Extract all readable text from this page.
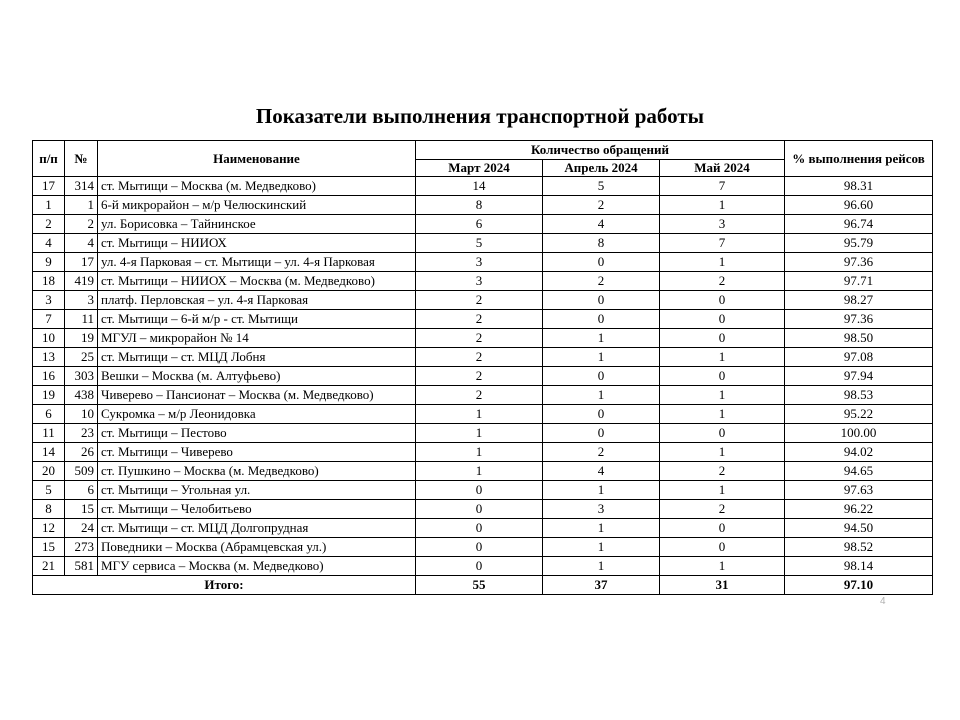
Показатели выполнения транспортной работы
п/п	№	Наименование	Количество обращений			% выполнения рейсов
			Март 2024	Апрель 2024	Май 2024	
17	314	ст. Мытищи – Москва (м. Медведково)	14	5	7	98.31
1	1	6-й микрорайон – м/р Челюскинский	8	2	1	96.60
2	2	ул. Борисовка – Тайнинское	6	4	3	96.74
4	4	ст. Мытищи – НИИОХ	5	8	7	95.79
9	17	ул. 4-я Парковая – ст. Мытищи – ул. 4-я Парковая	3	0	1	97.36
18	419	ст. Мытищи – НИИОХ – Москва (м. Медведково)	3	2	2	97.71
3	3	платф. Перловская – ул. 4-я Парковая	2	0	0	98.27
7	11	ст. Мытищи – 6-й м/р - ст. Мытищи	2	0	0	97.36
10	19	МГУЛ – микрорайон № 14	2	1	0	98.50
13	25	ст. Мытищи – ст. МЦД Лобня	2	1	1	97.08
16	303	Вешки – Москва (м. Алтуфьево)	2	0	0	97.94
19	438	Чиверево – Пансионат – Москва (м. Медведково)	2	1	1	98.53
6	10	Сукромка – м/р Леонидовка	1	0	1	95.22
11	23	ст. Мытищи – Пестово	1	0	0	100.00
14	26	ст. Мытищи – Чиверево	1	2	1	94.02
20	509	ст. Пушкино – Москва (м. Медведково)	1	4	2	94.65
5	6	ст. Мытищи – Угольная ул.	0	1	1	97.63
8	15	ст. Мытищи – Челобитьево	0	3	2	96.22
12	24	ст. Мытищи – ст. МЦД Долгопрудная	0	1	0	94.50
15	273	Поведники – Москва (Абрамцевская ул.)	0	1	0	98.52
21	581	МГУ сервиса – Москва (м. Медведково)	0	1	1	98.14
Итого:			55	37	31	97.10
4
